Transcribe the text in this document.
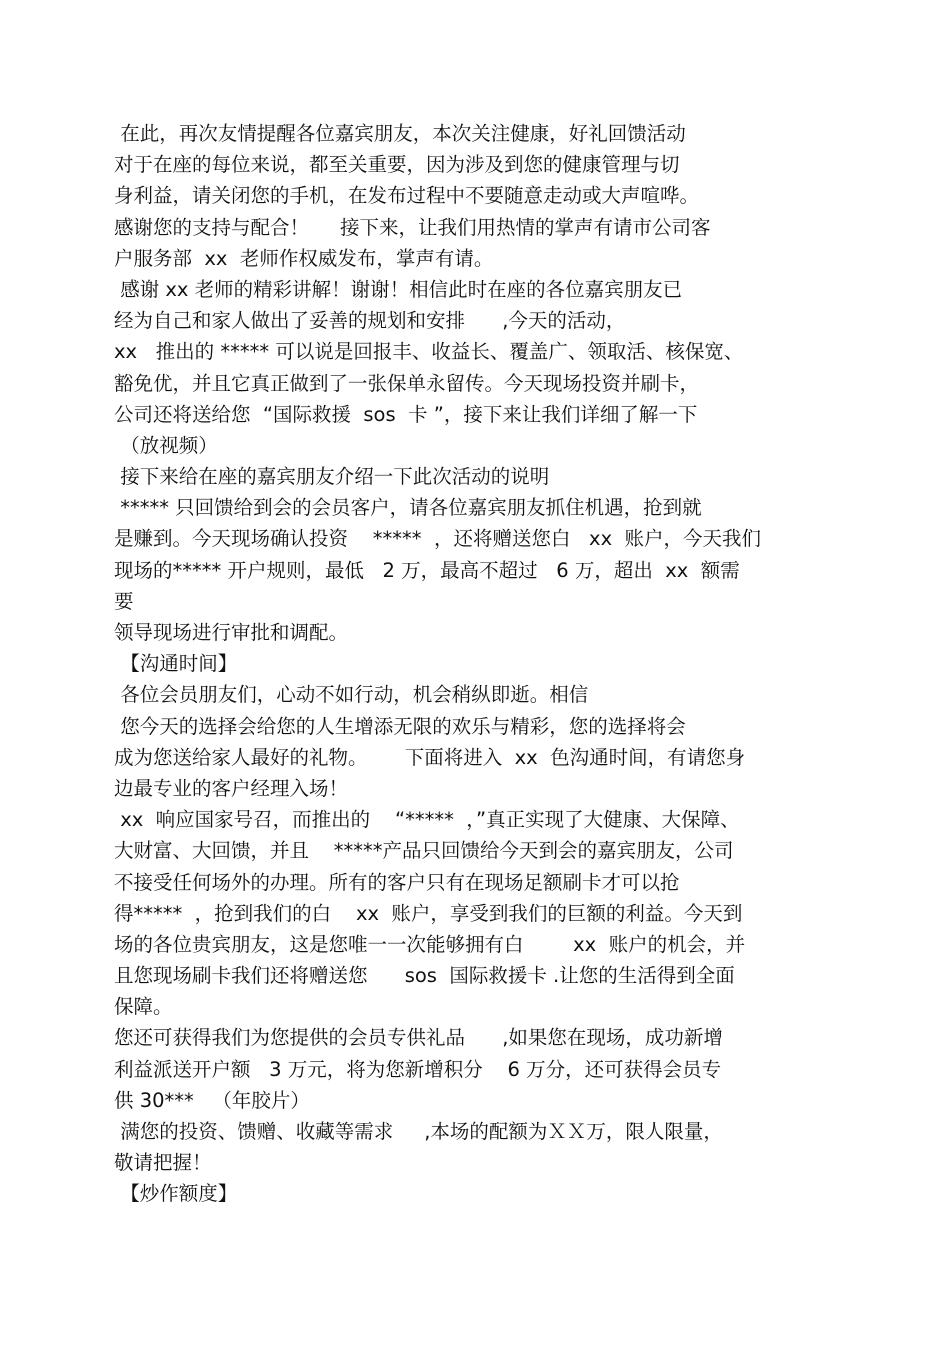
在此，再次友情提醒各位嘉宾朋友，本次关注健康，好礼回馈活动
对于在座的每位来说，都至关重要，因为涉及到您的健康管理与切
身利益，请关闭您的手机，在发布过程中不要随意走动或大声喧哗。
感谢您的支持与配合！     接下来，让我们用热情的掌声有请市公司客
户服务部  xx  老师作权威发布，掌声有请。
感谢 xx 老师的精彩讲解！谢谢！相信此时在座的各位嘉宾朋友已
经为自己和家人做出了妥善的规划和安排      ,今天的活动，
xx   推出的 ***** 可以说是回报丰、收益长、覆盖广、领取活、核保宽、
豁免优，并且它真正做到了一张保单永留传。今天现场投资并刷卡，
公司还将送给您  “国际救援  sos  卡 ”，接下来让我们详细了解一下
（放视频）
接下来给在座的嘉宾朋友介绍一下此次活动的说明
***** 只回馈给到会的会员客户，请各位嘉宾朋友抓住机遇，抢到就
是赚到。今天现场确认投资    *****  ，还将赠送您白   xx  账户，今天我们
现场的***** 开户规则，最低   2 万，最高不超过   6 万，超出  xx  额需
要
领导现场进行审批和调配。
【沟通时间】
各位会员朋友们，心动不如行动，机会稍纵即逝。相信
您今天的选择会给您的人生增添无限的欢乐与精彩，您的选择将会
成为您送给家人最好的礼物。      下面将进入  xx  色沟通时间，有请您身
边最专业的客户经理入场！
xx  响应国家号召，而推出的    “*****  ，”真正实现了大健康、大保障、
大财富、大回馈，并且    *****产品只回馈给今天到会的嘉宾朋友，公司
不接受任何场外的办理。所有的客户只有在现场足额刷卡才可以抢
得*****  ，抢到我们的白    xx  账户，享受到我们的巨额的利益。今天到
场的各位贵宾朋友，这是您唯一一次能够拥有白        xx  账户的机会，并
且您现场刷卡我们还将赠送您      sos  国际救援卡 .让您的生活得到全面
保障。
您还可获得我们为您提供的会员专供礼品      ,如果您在现场，成功新增
利益派送开户额   3 万元，将为您新增积分    6 万分，还可获得会员专
供 30***   （年胶片）
满您的投资、馈赠、收藏等需求     ,本场的配额为ＸＸ万，限人限量，
敬请把握！
【炒作额度】
